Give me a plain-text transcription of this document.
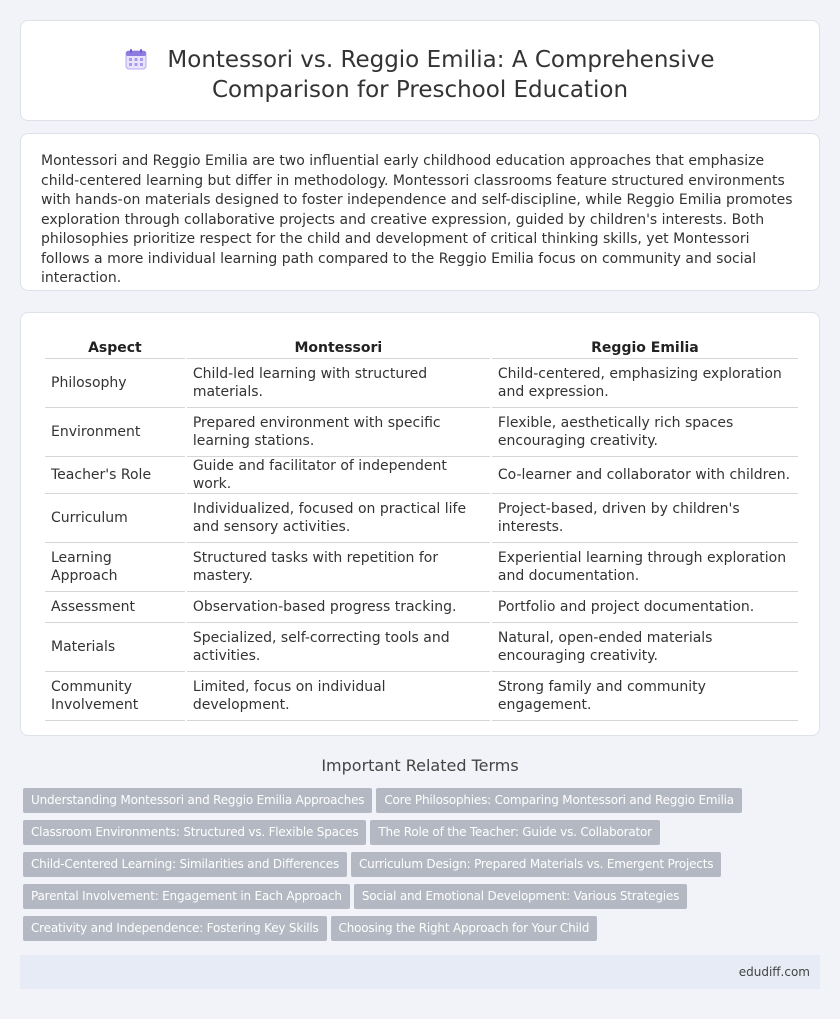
Montessori vs. Reggio Emilia: A Comprehensive Comparison for Preschool Education

Montessori and Reggio Emilia are two influential early childhood education approaches that emphasize child-centered learning but differ in methodology. Montessori classrooms feature structured environments with hands-on materials designed to foster independence and self-discipline, while Reggio Emilia promotes exploration through collaborative projects and creative expression, guided by children's interests. Both philosophies prioritize respect for the child and development of critical thinking skills, yet Montessori follows a more individual learning path compared to the Reggio Emilia focus on community and social interaction.

Aspect	Montessori	Reggio Emilia
Philosophy	Child-led learning with structured materials.	Child-centered, emphasizing exploration and expression.
Environment	Prepared environment with specific learning stations.	Flexible, aesthetically rich spaces encouraging creativity.
Teacher's Role	Guide and facilitator of independent work.	Co-learner and collaborator with children.
Curriculum	Individualized, focused on practical life and sensory activities.	Project-based, driven by children's interests.
Learning Approach	Structured tasks with repetition for mastery.	Experiential learning through exploration and documentation.
Assessment	Observation-based progress tracking.	Portfolio and project documentation.
Materials	Specialized, self-correcting tools and activities.	Natural, open-ended materials encouraging creativity.
Community Involvement	Limited, focus on individual development.	Strong family and community engagement.
Important Related Terms
Understanding Montessori and Reggio Emilia Approaches Core Philosophies: Comparing Montessori and Reggio Emilia
Classroom Environments: Structured vs. Flexible Spaces The Role of the Teacher: Guide vs. Collaborator
Child-Centered Learning: Similarities and Differences Curriculum Design: Prepared Materials vs. Emergent Projects
Parental Involvement: Engagement in Each Approach Social and Emotional Development: Various Strategies
Creativity and Independence: Fostering Key Skills Choosing the Right Approach for Your Child
edudiff.com
